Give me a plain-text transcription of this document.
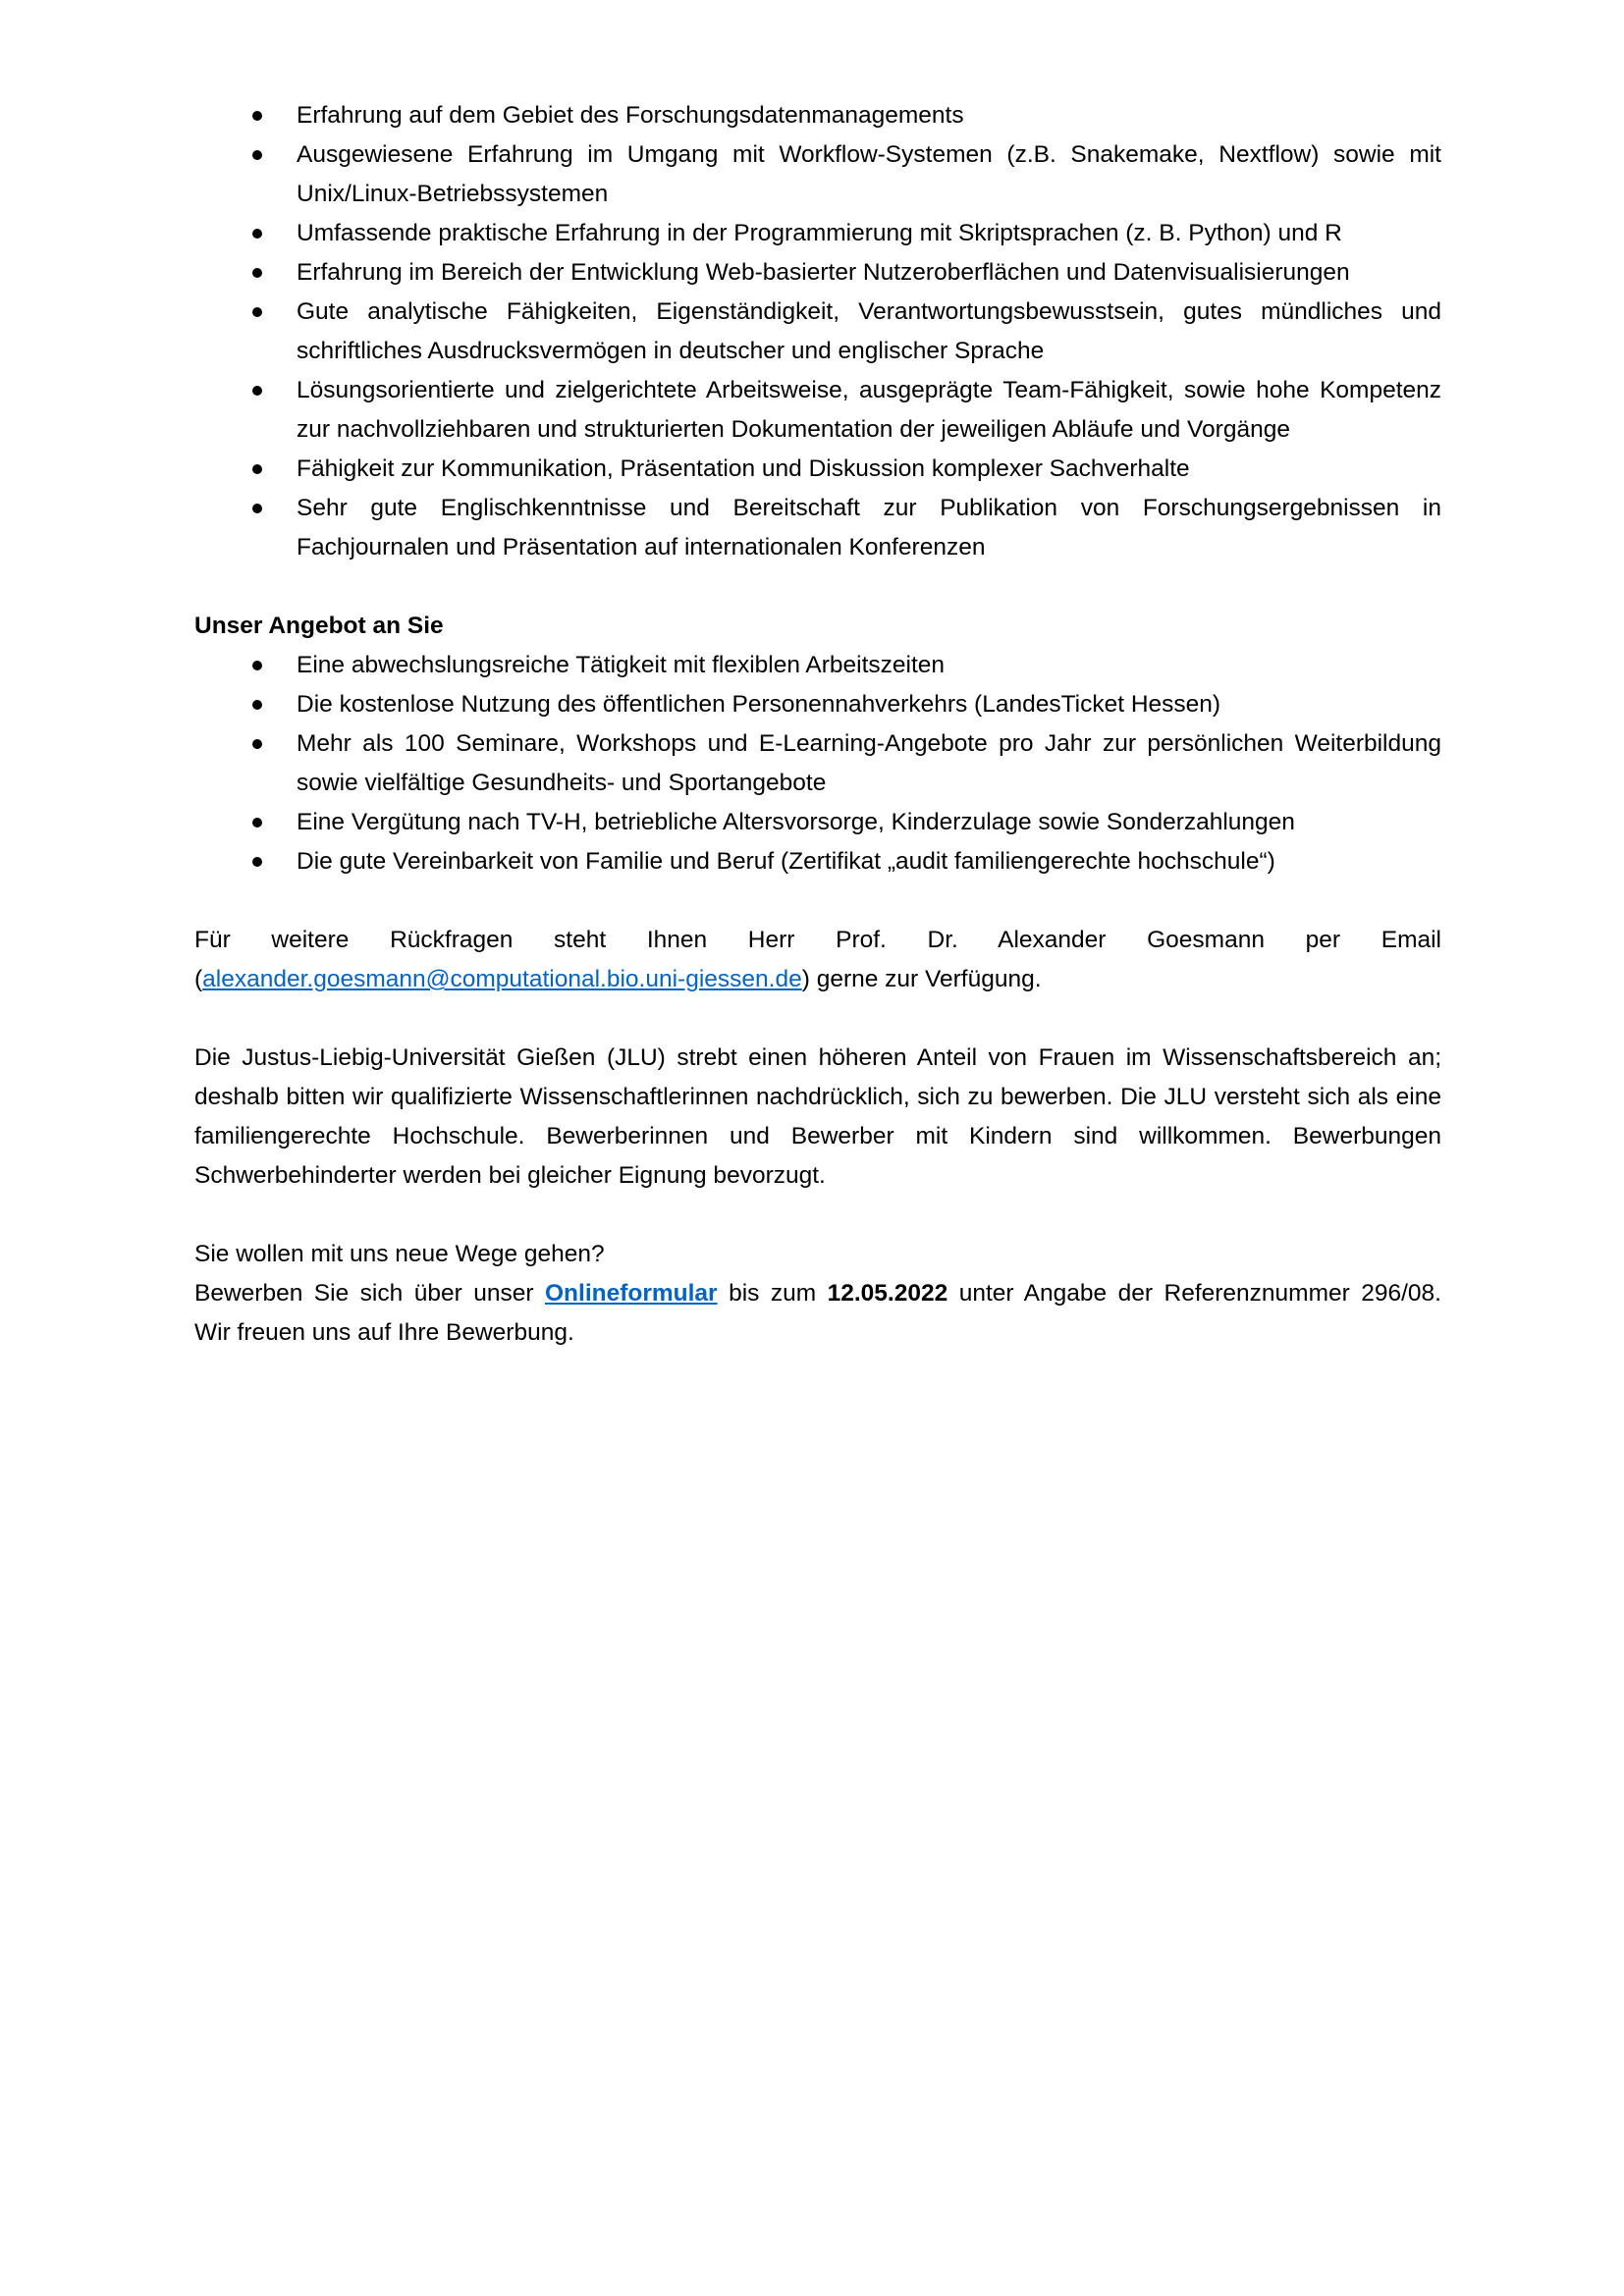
Erfahrung auf dem Gebiet des Forschungsdatenmanagements
Ausgewiesene Erfahrung im Umgang mit Workflow-Systemen (z.B. Snakemake, Nextflow) sowie mit Unix/Linux-Betriebssystemen
Umfassende praktische Erfahrung in der Programmierung mit Skriptsprachen (z. B. Python) und R
Erfahrung im Bereich der Entwicklung Web-basierter Nutzeroberflächen und Datenvisualisierungen
Gute analytische Fähigkeiten, Eigenständigkeit, Verantwortungsbewusstsein, gutes mündliches und schriftliches Ausdrucksvermögen in deutscher und englischer Sprache
Lösungsorientierte und zielgerichtete Arbeitsweise, ausgeprägte Team-Fähigkeit, sowie hohe Kompetenz zur nachvollziehbaren und strukturierten Dokumentation der jeweiligen Abläufe und Vorgänge
Fähigkeit zur Kommunikation, Präsentation und Diskussion komplexer Sachverhalte
Sehr gute Englischkenntnisse und Bereitschaft zur Publikation von Forschungsergebnissen in Fachjournalen und Präsentation auf internationalen Konferenzen

Unser Angebot an Sie

Eine abwechslungsreiche Tätigkeit mit flexiblen Arbeitszeiten
Die kostenlose Nutzung des öffentlichen Personennahverkehrs (LandesTicket Hessen)
Mehr als 100 Seminare, Workshops und E-Learning-Angebote pro Jahr zur persönlichen Weiterbildung sowie vielfältige Gesundheits- und Sportangebote
Eine Vergütung nach TV-H, betriebliche Altersvorsorge, Kinderzulage sowie Sonderzahlungen
Die gute Vereinbarkeit von Familie und Beruf (Zertifikat „audit familiengerechte hochschule“)

Für weitere Rückfragen steht Ihnen Herr Prof. Dr. Alexander Goesmann per Email

(alexander.goesmann@computational.bio.uni-giessen.de) gerne zur Verfügung.

Die Justus-Liebig-Universität Gießen (JLU) strebt einen höheren Anteil von Frauen im Wissenschaftsbereich an; deshalb bitten wir qualifizierte Wissenschaftlerinnen nachdrücklich, sich zu bewerben. Die JLU versteht sich als eine familiengerechte Hochschule. Bewerberinnen und Bewerber mit Kindern sind willkommen. Bewerbungen Schwerbehinderter werden bei gleicher Eignung bevorzugt.

Sie wollen mit uns neue Wege gehen?

Bewerben Sie sich über unser Onlineformular bis zum 12.05.2022 unter Angabe der Referenznummer 296/08.

Wir freuen uns auf Ihre Bewerbung.
